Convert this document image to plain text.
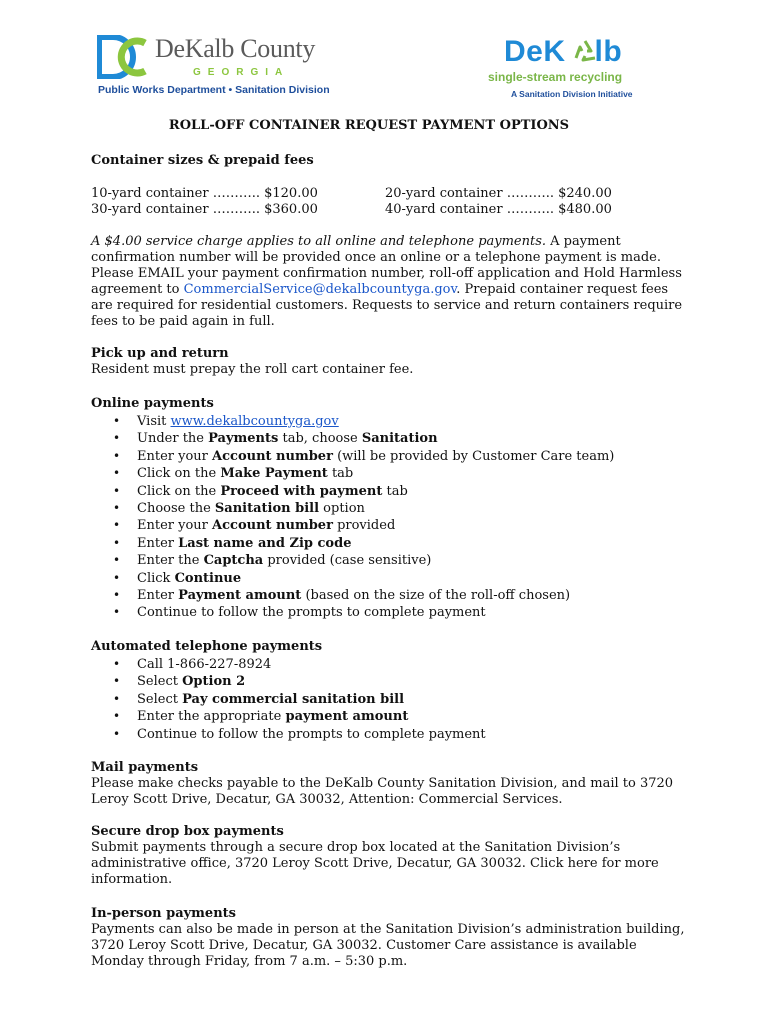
DeKalb County
GEORGIA
Public Works Department • Sanitation Division
DeK lb
single-stream recycling
A Sanitation Division Initiative
ROLL-OFF CONTAINER REQUEST PAYMENT OPTIONS
Container sizes & prepaid fees
10-yard container ……….. $120.00
30-yard container ……….. $360.00
20-yard container ……….. $240.00
40-yard container ……….. $480.00

A $4.00 service charge applies to all online and telephone payments. A payment confirmation number will be provided once an online or a telephone payment is made. Please EMAIL your payment confirmation number, roll-off application and Hold Harmless agreement to CommercialService@dekalbcountyga.gov. Prepaid container request fees are required for residential customers. Requests to service and return containers require fees to be paid again in full.

Pick up and return
Resident must prepay the roll cart container fee.
Online payments
• Visit www.dekalbcountyga.gov
• Under the Payments tab, choose Sanitation
• Enter your Account number (will be provided by Customer Care team)
• Click on the Make Payment tab
• Click on the Proceed with payment tab
• Choose the Sanitation bill option
• Enter your Account number provided
• Enter Last name and Zip code
• Enter the Captcha provided (case sensitive)
• Click Continue
• Enter Payment amount (based on the size of the roll-off chosen)
• Continue to follow the prompts to complete payment
Automated telephone payments
• Call 1-866-227-8924
• Select Option 2
• Select Pay commercial sanitation bill
• Enter the appropriate payment amount
• Continue to follow the prompts to complete payment
Mail payments

Please make checks payable to the DeKalb County Sanitation Division, and mail to 3720 Leroy Scott Drive, Decatur, GA 30032, Attention: Commercial Services.

Secure drop box payments

Submit payments through a secure drop box located at the Sanitation Division’s administrative office, 3720 Leroy Scott Drive, Decatur, GA 30032. Click here for more information.

In-person payments

Payments can also be made in person at the Sanitation Division’s administration building, 3720 Leroy Scott Drive, Decatur, GA 30032. Customer Care assistance is available Monday through Friday, from 7 a.m. – 5:30 p.m.
